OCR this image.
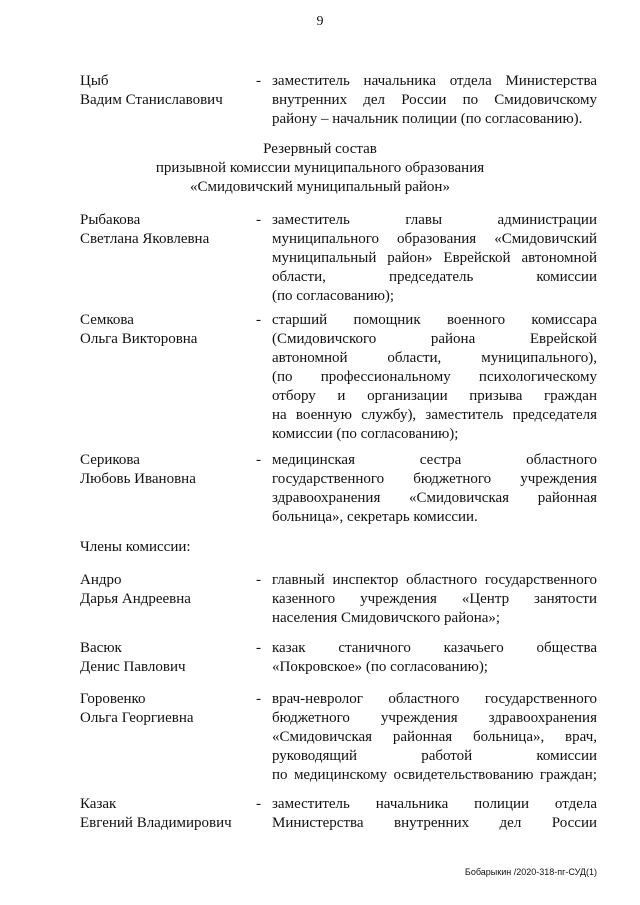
9
Цыб
Вадим Станиславович
- заместитель начальника отдела Министерства
внутренних дел России по Смидовичскому
району – начальник полиции (по согласованию).
Резервный состав
призывной комиссии муниципального образования
«Смидовичский муниципальный район»
Рыбакова
Светлана Яковлевна
- заместитель главы администрации
муниципального образования «Смидовичский
муниципальный район» Еврейской автономной
области, председатель комиссии
(по согласованию);
Семкова
Ольга Викторовна
- старший помощник военного комиссара
(Смидовичского района Еврейской
автономной области, муниципального),
(по профессиональному психологическому
отбору и организации призыва граждан
на военную службу), заместитель председателя
комиссии (по согласованию);
Серикова
Любовь Ивановна
- медицинская сестра областного
государственного бюджетного учреждения
здравоохранения «Смидовичская районная
больница», секретарь комиссии.
Члены комиссии:
Андро
Дарья Андреевна
- главный инспектор областного государственного
казенного учреждения «Центр занятости
населения Смидовичского района»;
Васюк
Денис Павлович
- казак станичного казачьего общества
«Покровское» (по согласованию);
Горовенко
Ольга Георгиевна
- врач-невролог областного государственного
бюджетного учреждения здравоохранения
«Смидовичская районная больница», врач,
руководящий работой комиссии
по медицинскому освидетельствованию граждан;
Казак
Евгений Владимирович
- заместитель начальника полиции отдела
Министерства внутренних дел России
Бобарыкин /2020-318-пг-СУД(1)
